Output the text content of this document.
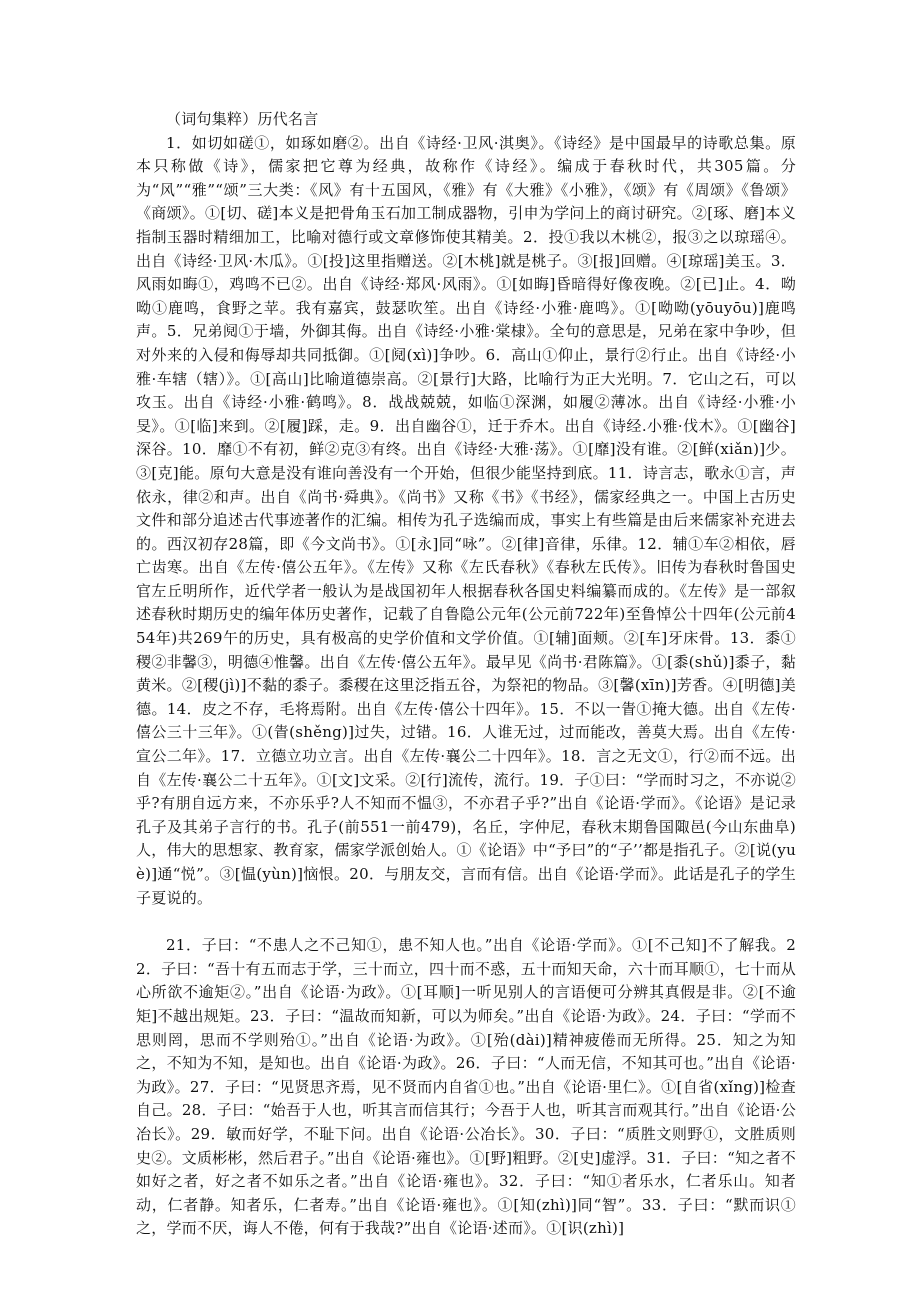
（词句集粹）历代名言

1．如切如磋①，如琢如磨②。出自《诗经·卫风·淇奥》。《诗经》是中国最早的诗歌总集。原本只称做《诗》，儒家把它尊为经典，故称作《诗经》。编成于春秋时代，共305篇。分为“风”“雅”“颂”三大类：《风》有十五国风，《雅》有《大雅》《小雅》，《颂》有《周颂》《鲁颂》《商颂》。①[切、磋]本义是把骨角玉石加工制成器物，引申为学问上的商讨研究。②[琢、磨]本义指制玉器时精细加工，比喻对德行或文章修饰使其精美。2．投①我以木桃②，报③之以琼瑶④。出自《诗经·卫风·木瓜》。①[投]这里指赠送。②[木桃]就是桃子。③[报]回赠。④[琼瑶]美玉。3．风雨如晦①，鸡鸣不已②。出自《诗经·郑风·风雨》。①[如晦]昏暗得好像夜晚。②[已]止。4．呦呦①鹿鸣，食野之苹。我有嘉宾，鼓瑟吹笙。出自《诗经·小雅·鹿鸣》。①[呦呦(yōuyōu)]鹿鸣声。5．兄弟阋①于墙，外御其侮。出自《诗经·小雅·棠棣》。全句的意思是，兄弟在家中争吵，但对外来的入侵和侮辱却共同抵御。①[阋(xì)]争吵。6．高山①仰止，景行②行止。出自《诗经·小雅·车辖（辖）》。①[高山]比喻道德崇高。②[景行]大路，比喻行为正大光明。7．它山之石，可以攻玉。出自《诗经·小雅·鹤鸣》。8．战战兢兢，如临①深渊，如履②薄冰。出自《诗经·小雅·小旻》。①[临]来到。②[履]踩，走。9．出自幽谷①，迁于乔木。出自《诗经.小雅·伐木》。①[幽谷]深谷。10．靡①不有初，鲜②克③有终。出自《诗经·大雅·荡》。①[靡]没有谁。②[鲜(xiǎn)]少。③[克]能。原句大意是没有谁向善没有一个开始，但很少能坚持到底。11．诗言志，歌永①言，声依永，律②和声。出自《尚书·舜典》。《尚书》又称《书》《书经》，儒家经典之一。中国上古历史文件和部分追述古代事迹著作的汇编。相传为孔子选编而成，事实上有些篇是由后来儒家补充进去的。西汉初存28篇，即《今文尚书》。①[永]同“咏”。②[律]音律，乐律。12．辅①车②相依，唇亡齿寒。出自《左传·僖公五年》。《左传》又称《左氏春秋》《春秋左氏传》。旧传为春秋时鲁国史官左丘明所作，近代学者一般认为是战国初年人根据春秋各国史料编纂而成的。《左传》是一部叙述春秋时期历史的编年体历史著作，记载了自鲁隐公元年(公元前722年)至鲁悼公十四年(公元前454年)共269午的历史，具有极高的史学价值和文学价值。①[辅]面颊。②[车]牙床骨。13．黍①稷②非馨③，明德④惟馨。出自《左传·僖公五年》。最早见《尚书·君陈篇》。①[黍(shǔ)]黍子，黏黄米。②[稷(jì)]不黏的黍子。黍稷在这里泛指五谷，为祭祀的物品。③[馨(xīn)]芳香。④[明德]美德。14．皮之不存，毛将焉附。出自《左传·僖公十四年》。15．不以一眚①掩大德。出自《左传·僖公三十三年》。①(眚(shěng)]过失，过错。16．人谁无过，过而能改，善莫大焉。出自《左传·宣公二年》。17．立德立功立言。出自《左传·襄公二十四年》。18．言之无文①，行②而不远。出自《左传·襄公二十五年》。①[文]文采。②[行]流传，流行。19．子①曰：“学而时习之，不亦说②乎?有朋自远方来，不亦乐乎?人不知而不愠③，不亦君子乎?”出自《论语·学而》。《论语》是记录孔子及其弟子言行的书。孔子(前551一前479)，名丘，字仲尼，春秋末期鲁国陬邑(今山东曲阜)人，伟大的思想家、教育家，儒家学派创始人。①《论语》中“予曰”的“子’’都是指孔子。②[说(yuè)]通“悦”。③[愠(yùn)]恼恨。20．与朋友交，言而有信。出自《论语·学而》。此话是孔子的学生子夏说的。

21．子曰：“不患人之不己知①，患不知人也。”出自《论语·学而》。①[不己知]不了解我。22．子曰：“吾十有五而志于学，三十而立，四十而不惑，五十而知天命，六十而耳顺①，七十而从心所欲不逾矩②。”出自《论语·为政》。①[耳顺]一听见别人的言语便可分辨其真假是非。②[不逾矩]不越出规矩。23．子曰：“温故而知新，可以为师矣。”出自《论语·为政》。24．子曰：“学而不思则罔，思而不学则殆①。”出自《论语·为政》。①[殆(dài)]精神疲倦而无所得。25．知之为知之，不知为不知，是知也。出自《论语·为政》。26．子曰：“人而无信，不知其可也。”出自《论语·为政》。27．子曰：“见贤思齐焉，见不贤而内自省①也。”出自《论语·里仁》。①[自省(xǐng)]检查自己。28．子曰：“始吾于人也，听其言而信其行；今吾于人也，听其言而观其行。”出自《论语·公冶长》。29．敏而好学，不耻下问。出自《论语·公冶长》。30．子曰：“质胜文则野①，文胜质则史②。文质彬彬，然后君子。”出自《论语·雍也》。①[野]粗野。②[史]虚浮。31．子曰：“知之者不如好之者，好之者不如乐之者。”出自《论语·雍也》。32．子曰：“知①者乐水，仁者乐山。知者动，仁者静。知者乐，仁者寿。”出自《论语·雍也》。①[知(zhì)]同“智”。33．子曰：“默而识①之，学而不厌，诲人不倦，何有于我哉?”出自《论语·述而》。①[识(zhì)]
